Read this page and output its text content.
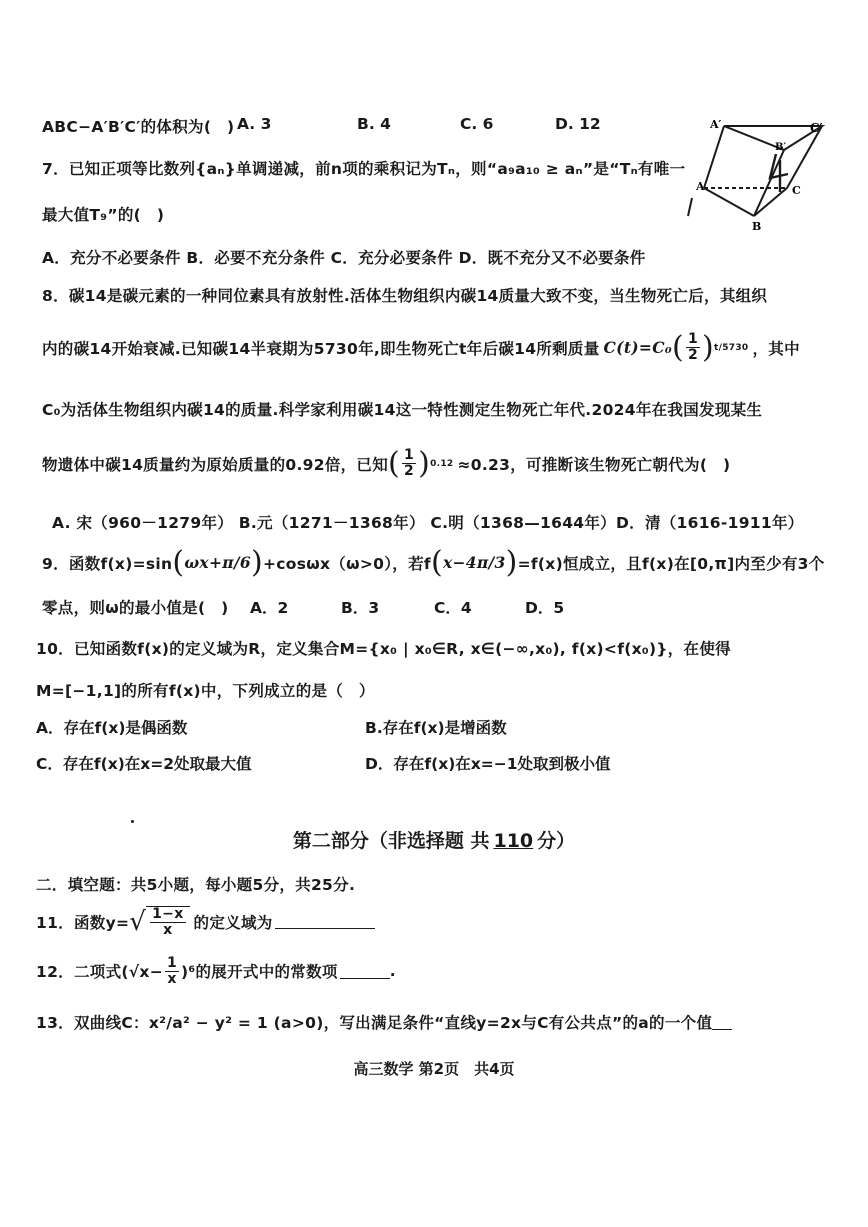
ABC−A′B′C′的体积为(　) A. 3	B. 4	C. 6	D. 12	A′	C′
B′
A
B
C
7．已知正项等比数列{aₙ}单调递减，前n项的乘积记为Tₙ，则“a₉a₁₀ ≥ aₙ”是“Tₙ有唯一
最大值T₉”的(　)
A．充分不必要条件 B．必要不充分条件 C．充分必要条件 D．既不充分又不必要条件
8．碳14是碳元素的一种同位素具有放射性.活体生物组织内碳14质量大致不变，当生物死亡后，其组织
内的碳14开始衰减.已知碳14半衰期为5730年,即生物死亡t年后碳14所剩质量 C(t)=C₀ ( $\frac{1}{2}$ ) t/5730 ，其中
C₀为活体生物组织内碳14的质量.科学家利用碳14这一特性测定生物死亡年代.2024年在我国发现某生
物遗体中碳14质量约为原始质量的0.92倍，已知 ( $\frac{1}{2}$ ) 0.12 ≈0.23，可推断该生物死亡朝代为(　)
A. 宋（960－1279年） B.元（1271－1368年） C.明（1368—1644年）D．清（1616-1911年）
9．函数f(x)=sin ( ωx+π/6 ) +cosωx（ω>0），若f ( x−4π/3 ) =f(x)恒成立，且f(x)在[0,π]内至少有3个
零点，则ω的最小值是(　) A．2	B．3	C．4	D．5
10．已知函数f(x)的定义域为R，定义集合M={x₀ | x₀∈R, x∈(−∞,x₀), f(x)<f(x₀)}，在使得
M=[−1,1]的所有f(x)中，下列成立的是（　）
A．存在f(x)是偶函数	B.存在f(x)是增函数
C．存在f(x)在x=2处取最大值	D．存在f(x)在x=−1处取到极小值
第二部分（非选择题 共 110 分）
二．填空题：共5小题，每小题5分，共25分.
11．函数y= √ $\frac{1-x}{x}$ 的定义域为
12．二项式$(√x- \frac{1}{x} )^6$的展开式中的常数项	.
13．双曲线C：x²/a² − y² = 1 (a>0)，写出满足条件“直线y=2x与C有公共点”的a的一个值
高三数学 第2页　共4页
